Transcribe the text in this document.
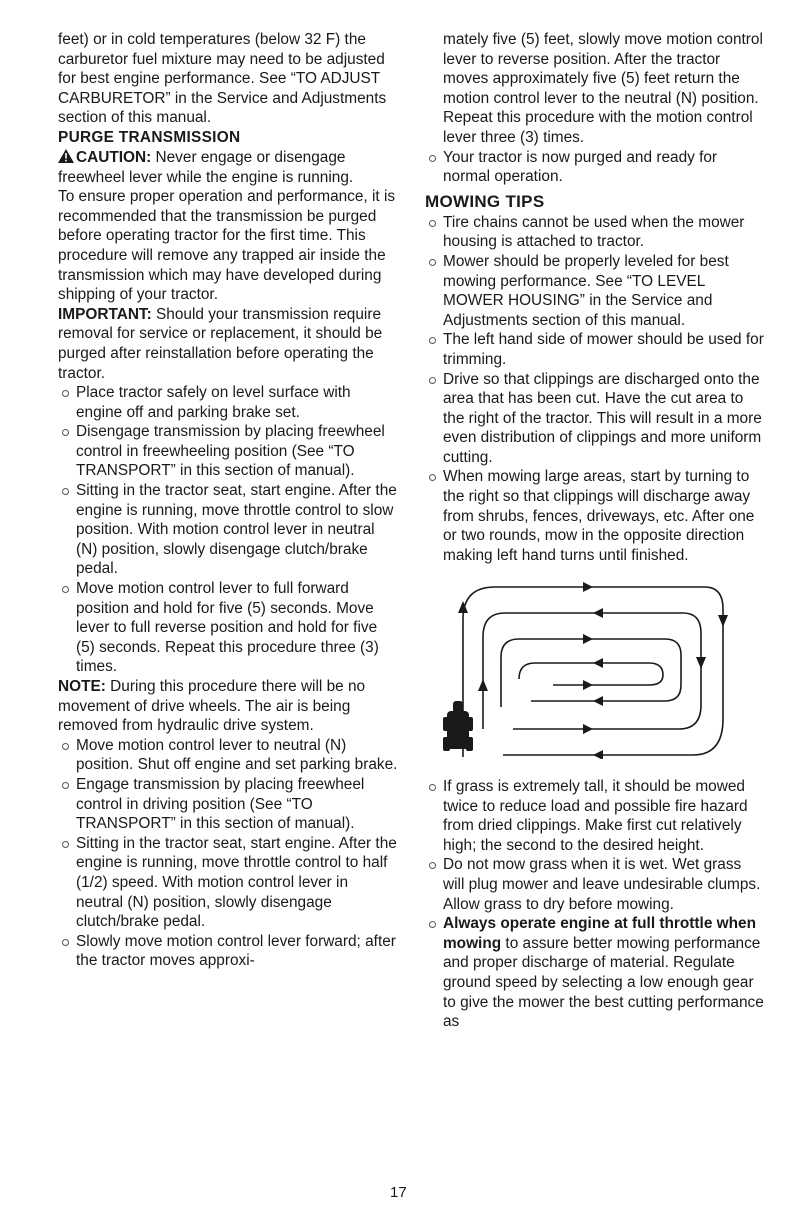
feet) or in cold temperatures (below 32 F) the carburetor fuel mixture may need to be adjusted for best engine performance. See “TO ADJUST CARBURETOR” in the Service and Adjustments section of this manual.

PURGE TRANSMISSION

CAUTION: Never engage or disengage freewheel lever while the engine is running.

To ensure proper operation and performance, it is recommended that the transmission be purged before operating tractor for the first time. This procedure will remove any trapped air inside the transmission which may have developed during shipping of your tractor.

IMPORTANT: Should your transmission require removal for service or replacement, it should be purged after reinstallation before operating the tractor.

Place tractor safely on level surface with engine off and parking brake set.
Disengage transmission by placing freewheel control in freewheeling position (See “TO TRANSPORT” in this section of manual).
Sitting in the tractor seat, start engine. After the engine is running, move throttle control to slow position. With motion control lever in neutral (N) position, slowly disengage clutch/brake pedal.
Move motion control lever to full forward position and hold for five (5) seconds. Move lever to full reverse position and hold for five (5) seconds. Repeat this procedure three (3) times.

NOTE: During this procedure there will be no movement of drive wheels. The air is being removed from hydraulic drive system.

Move motion control lever to neutral (N) position. Shut off engine and set parking brake.
Engage transmission by placing freewheel control in driving position (See “TO TRANSPORT” in this section of manual).
Sitting in the tractor seat, start engine. After the engine is running, move throttle control to half (1/2) speed. With motion control lever in neutral (N) position, slowly disengage clutch/brake pedal.
Slowly move motion control lever forward; after the tractor moves approxi-

mately five (5) feet, slowly move motion control lever to reverse position. After the tractor moves approximately five (5) feet return the motion control lever to the neutral (N) position. Repeat this procedure with the motion control lever three (3) times.

Your tractor is now purged and ready for normal operation.
MOWING TIPS
Tire chains cannot be used when the mower housing is attached to tractor.
Mower should be properly leveled for best mowing performance. See “TO LEVEL MOWER HOUSING” in the Service and Adjustments section of this manual.
The left hand side of mower should be used for trimming.
Drive so that clippings are discharged onto the area that has been cut. Have the cut area to the right of the tractor. This will result in a more even distribution of clippings and more uniform cutting.
When mowing large areas, start by turning to the right so that clippings will discharge away from shrubs, fences, driveways, etc. After one or two rounds, mow in the opposite direction making left hand turns until finished.
If grass is extremely tall, it should be mowed twice to reduce load and possible fire hazard from dried clippings. Make first cut relatively high; the second to the desired height.
Do not mow grass when it is wet. Wet grass will plug mower and leave undesirable clumps. Allow grass to dry before mowing.
Always operate engine at full throttle when mowing to assure better mowing performance and proper discharge of material. Regulate ground speed by selecting a low enough gear to give the mower the best cutting performance as
17
